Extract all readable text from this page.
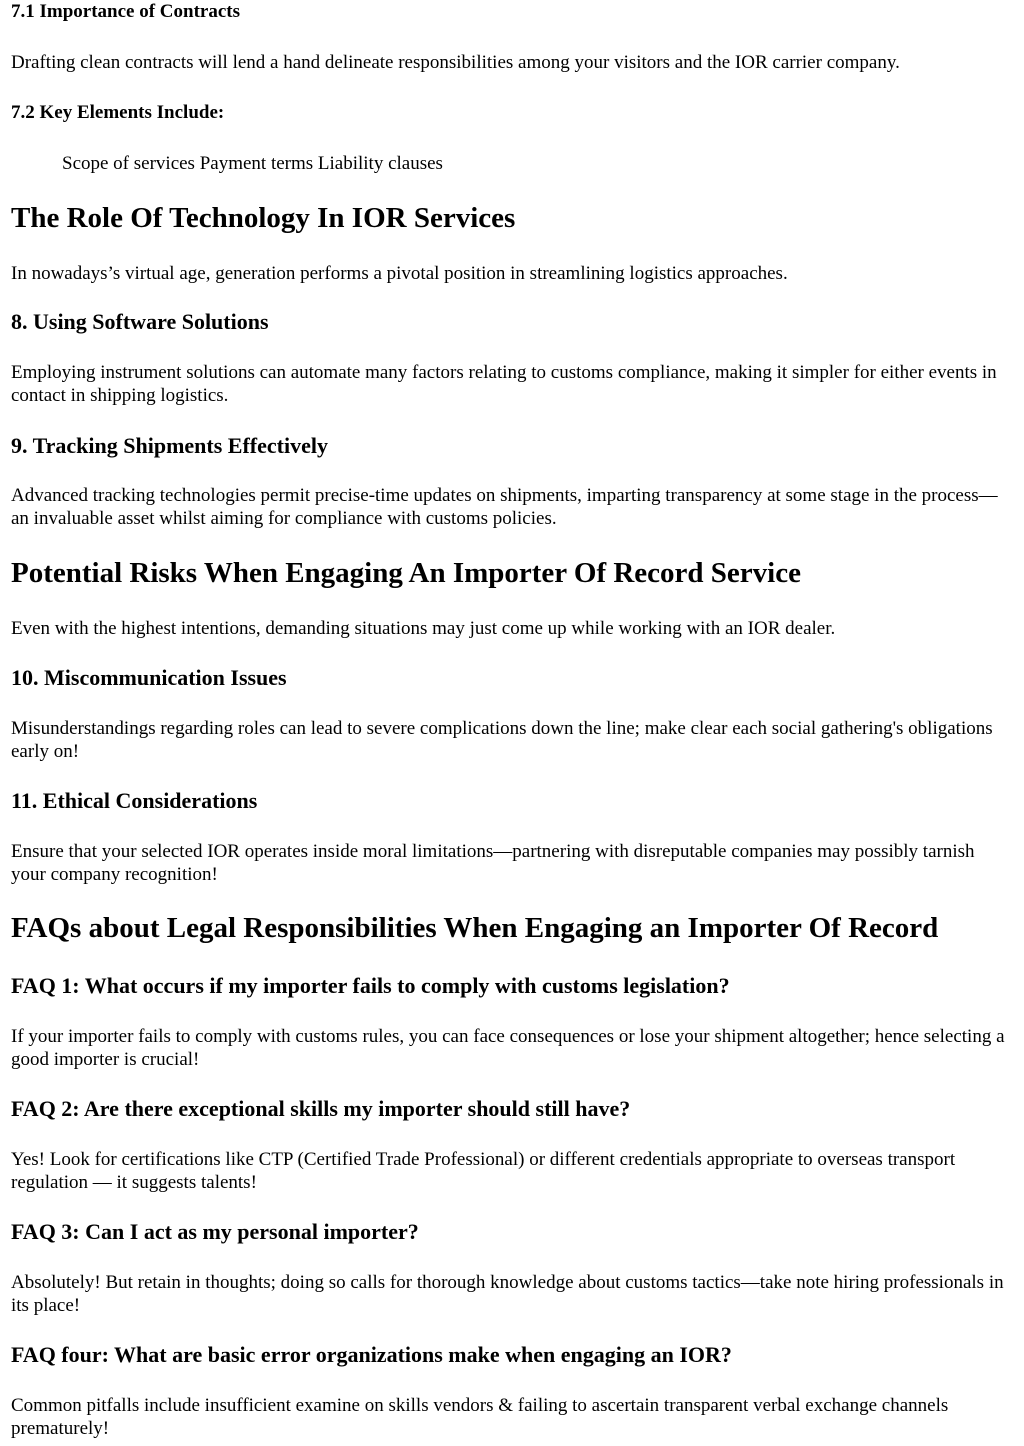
7.1 Importance of Contracts

Drafting clean contracts will lend a hand delineate responsibilities among your visitors and the IOR carrier company.

7.2 Key Elements Include:

Scope of services Payment terms Liability clauses

The Role Of Technology In IOR Services

In nowadays’s virtual age, generation performs a pivotal position in streamlining logistics approaches.

8. Using Software Solutions

Employing instrument solutions can automate many factors relating to customs compliance, making it simpler for either events in contact in shipping logistics.

9. Tracking Shipments Effectively

Advanced tracking technologies permit precise-time updates on shipments, imparting transparency at some stage in the process—an invaluable asset whilst aiming for compliance with customs policies.

Potential Risks When Engaging An Importer Of Record Service

Even with the highest intentions, demanding situations may just come up while working with an IOR dealer.

10. Miscommunication Issues

Misunderstandings regarding roles can lead to severe complications down the line; make clear each social gathering's obligations early on!

11. Ethical Considerations

Ensure that your selected IOR operates inside moral limitations—partnering with disreputable companies may possibly tarnish your company recognition!

FAQs about Legal Responsibilities When Engaging an Importer Of Record
FAQ 1: What occurs if my importer fails to comply with customs legislation?

If your importer fails to comply with customs rules, you can face consequences or lose your shipment altogether; hence selecting a good importer is crucial!

FAQ 2: Are there exceptional skills my importer should still have?

Yes! Look for certifications like CTP (Certified Trade Professional) or different credentials appropriate to overseas transport regulation — it suggests talents!

FAQ 3: Can I act as my personal importer?

Absolutely! But retain in thoughts; doing so calls for thorough knowledge about customs tactics—take note hiring professionals in its place!

FAQ four: What are basic error organizations make when engaging an IOR?

Common pitfalls include insufficient examine on skills vendors & failing to ascertain transparent verbal exchange channels prematurely!
